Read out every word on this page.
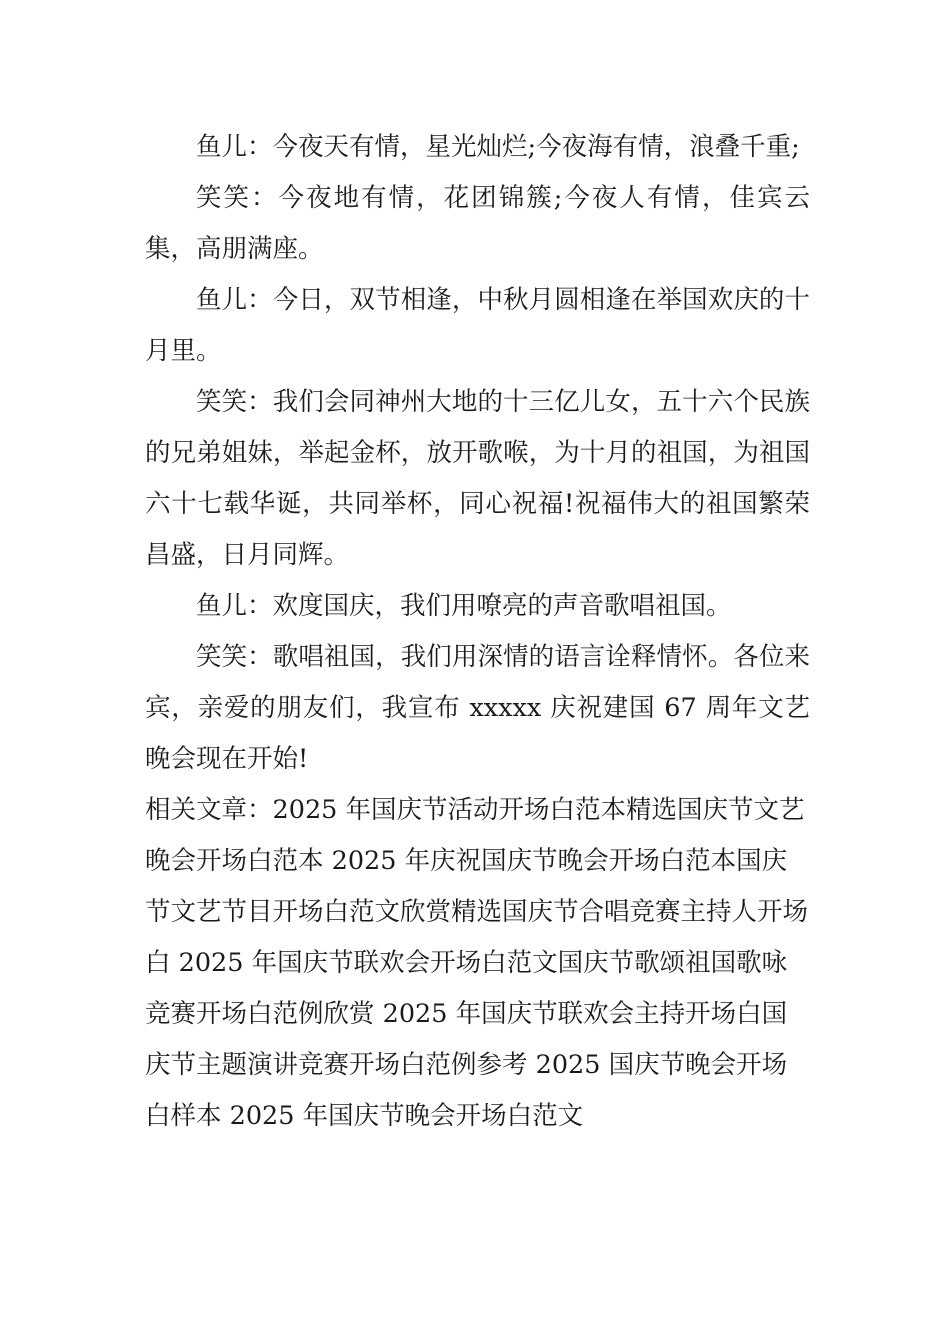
鱼儿：今夜天有情，星光灿烂;今夜海有情，浪叠千重;

笑笑：今夜地有情，花团锦簇;今夜人有情，佳宾云集，高朋满座。

鱼儿：今日，双节相逢，中秋月圆相逢在举国欢庆的十月里。

笑笑：我们会同神州大地的十三亿儿女，五十六个民族的兄弟姐妹，举起金杯，放开歌喉，为十月的祖国，为祖国六十七载华诞，共同举杯，同心祝福!祝福伟大的祖国繁荣昌盛，日月同辉。

鱼儿：欢度国庆，我们用嘹亮的声音歌唱祖国。

笑笑：歌唱祖国，我们用深情的语言诠释情怀。各位来宾，亲爱的朋友们，我宣布 xxxxx 庆祝建国 67 周年文艺晚会现在开始!

相关文章：2025 年国庆节活动开场白范本精选国庆节文艺晚会开场白范本 2025 年庆祝国庆节晚会开场白范本国庆节文艺节目开场白范文欣赏精选国庆节合唱竞赛主持人开场白 2025 年国庆节联欢会开场白范文国庆节歌颂祖国歌咏竞赛开场白范例欣赏 2025 年国庆节联欢会主持开场白国庆节主题演讲竞赛开场白范例参考 2025 国庆节晚会开场白样本 2025 年国庆节晚会开场白范文
